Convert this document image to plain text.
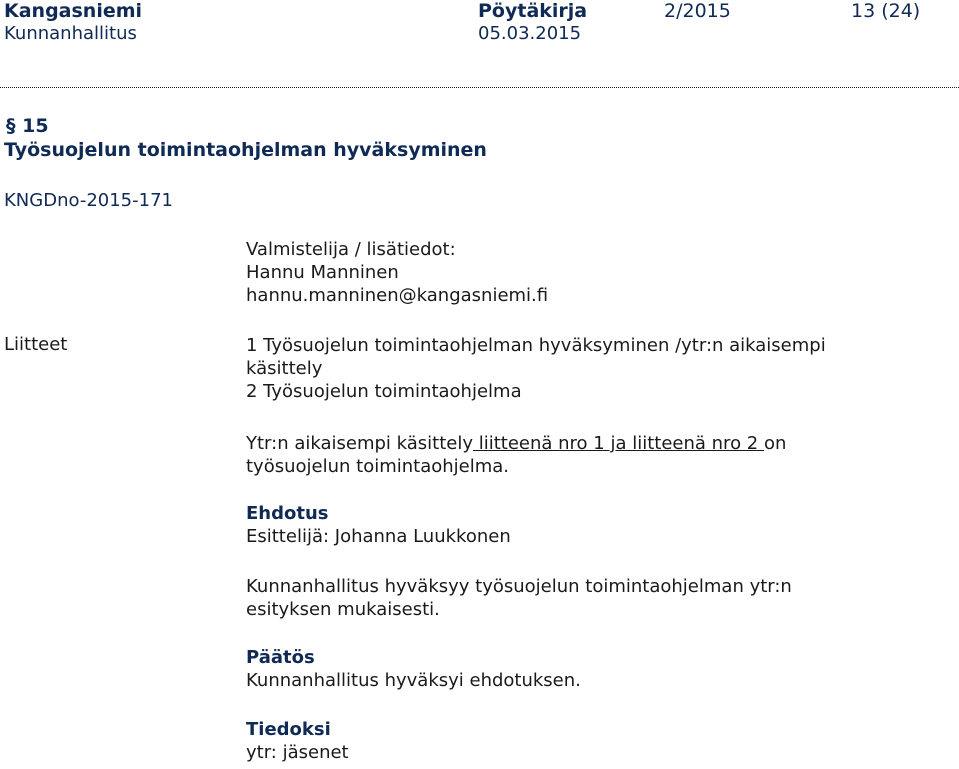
Kangasniemi
Kunnanhallitus
Pöytäkirja
05.03.2015
2/2015	13 (24)
§ 15
Työsuojelun toimintaohjelman hyväksyminen
KNGDno-2015-171

Valmistelija / lisätiedot:

Hannu Manninen

hannu.manninen@kangasniemi.fi

Liitteet	1 Työsuojelun toimintaohjelman hyväksyminen /ytr:n aikaisempi
käsittely

2 Työsuojelun toimintaohjelma

Ytr:n aikaisempi käsittely liitteenä nro 1 ja liitteenä nro 2 on

työsuojelun toimintaohjelma.

Ehdotus

Esittelijä: Johanna Luukkonen

Kunnanhallitus hyväksyy työsuojelun toimintaohjelman ytr:n

esityksen mukaisesti.

Päätös

Kunnanhallitus hyväksyi ehdotuksen.

Tiedoksi

ytr: jäsenet
